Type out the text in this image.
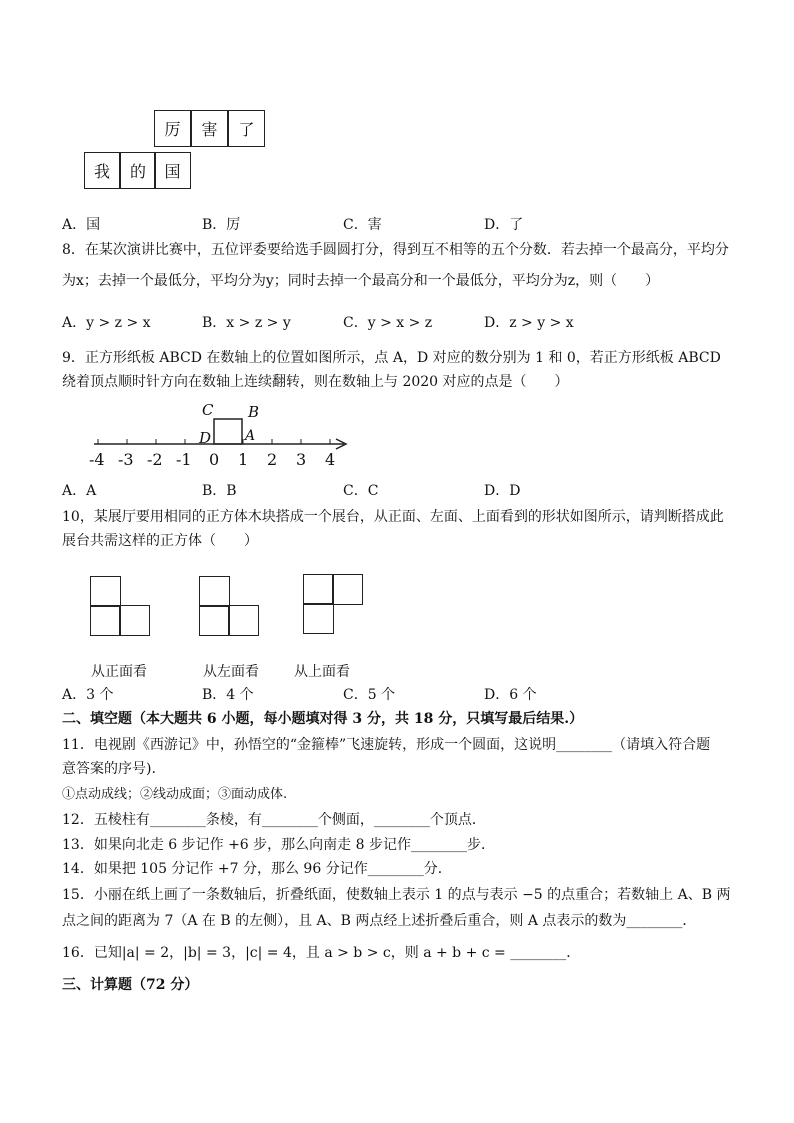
厉	害	了
我	的	国
A．国	B．厉	C．害	D．了
8．在某次演讲比赛中，五位评委要给选手圆圆打分，得到互不相等的五个分数．若去掉一个最高分，平均分
为x；去掉一个最低分，平均分为y；同时去掉一个最高分和一个最低分，平均分为z，则（　　）
A．y > z > x	B．x > z > y	C．y > x > z	D．z > y > x
9．正方形纸板 ABCD 在数轴上的位置如图所示，点 A，D 对应的数分别为 1 和 0，若正方形纸板 ABCD
绕着顶点顺时针方向在数轴上连续翻转，则在数轴上与 2020 对应的点是（　　）
C B
D A
-4 -3 -2 -1 0 1 2 3 4
A．A	B．B	C．C	D．D
10，某展厅要用相同的正方体木块搭成一个展台，从正面、左面、上面看到的形状如图所示，请判断搭成此
展台共需这样的正方体（　　）
从正面看	从左面看	从上面看
A．3 个	B．4 个	C．5 个	D．6 个
二、填空题（本大题共 6 小题，每小题填对得 3 分，共 18 分，只填写最后结果.）
11．电视剧《西游记》中，孙悟空的“金箍棒”飞速旋转，形成一个圆面，这说明________（请填入符合题
意答案的序号).
①点动成线；②线动成面；③面动成体.
12．五棱柱有________条棱，有________个侧面，________个顶点．
13．如果向北走 6 步记作 +6 步，那么向南走 8 步记作________步．
14．如果把 105 分记作 +7 分，那么 96 分记作________分．
15．小丽在纸上画了一条数轴后，折叠纸面，使数轴上表示 1 的点与表示 −5 的点重合；若数轴上 A、B 两
点之间的距离为 7（A 在 B 的左侧），且 A、B 两点经上述折叠后重合，则 A 点表示的数为________．
16．已知|a| = 2，|b| = 3，|c| = 4，且 a > b > c，则 a + b + c = ________．
三、计算题（72 分）
